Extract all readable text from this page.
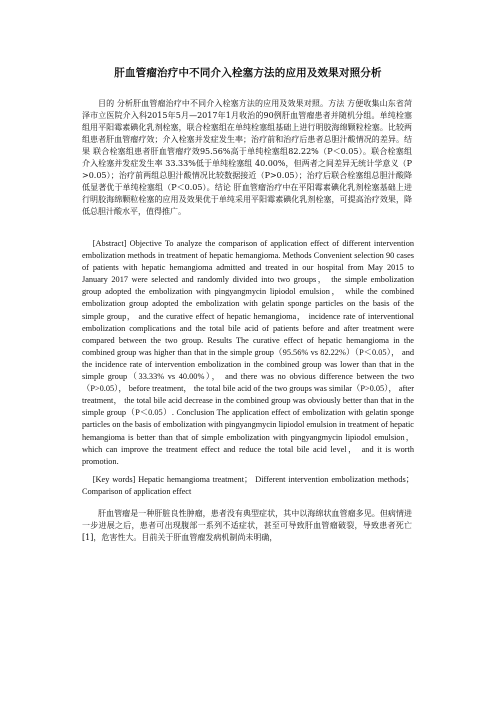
肝血管瘤治疗中不同介入栓塞方法的应用及效果对照分析
目的 分析肝血管瘤治疗中不同介入栓塞方法的应用及效果对照。方法 方便收集山东省菏泽市立医院介入科2015年5月—2017年1月收治的90例肝血管瘤患者并随机分组。单纯栓塞组用平阳霉素碘化乳剂栓塞，联合栓塞组在单纯栓塞组基础上进行明胶海绵颗粒栓塞。比较两组患者肝血管瘤疗效；介入栓塞并发症发生率；治疗前和治疗后患者总胆汁酸情况的差异。结果 联合栓塞组患者肝血管瘤疗效95.56%高于单纯栓塞组82.22%（P＜0.05）。联合栓塞组介入栓塞并发症发生率 33.33%低于单纯栓塞组 40.00%，但两者之间差异无统计学意义（P>0.05）；治疗前两组总胆汁酸情况比较数据接近（P>0.05）；治疗后联合栓塞组总胆汁酸降低显著优于单纯栓塞组（P＜0.05）。结论 肝血管瘤治疗中在平阳霉素碘化乳剂栓塞基础上进行明胶海绵颗粒栓塞的应用及效果优于单纯采用平阳霉素碘化乳剂栓塞，可提高治疗效果，降低总胆汁酸水平，值得推广。
[Abstract] Objective To analyze the comparison of application effect of different intervention embolization methods in treatment of hepatic hemangioma. Methods Convenient selection 90 cases of patients with hepatic hemangioma admitted and treated in our hospital from May 2015 to January 2017 were selected and randomly divided into two groups， the simple embolization group adopted the embolization with pingyangmycin lipiodol emulsion， while the combined embolization group adopted the embolization with gelatin sponge particles on the basis of the simple group， and the curative effect of hepatic hemangioma， incidence rate of interventional embolization complications and the total bile acid of patients before and after treatment were compared between the two group. Results The curative effect of hepatic hemangioma in the combined group was higher than that in the simple group（95.56% vs 82.22%）（P＜0.05）， and the incidence rate of intervention embolization in the combined group was lower than that in the simple group（33.33% vs 40.00%）， and there was no obvious difference between the two （P>0.05）， before treatment， the total bile acid of the two groups was similar（P>0.05）， after treatment， the total bile acid decrease in the combined group was obviously better than that in the simple group（P＜0.05）. Conclusion The application effect of embolization with gelatin sponge particles on the basis of embolization with pingyangmycin lipiodol emulsion in treatment of hepatic hemangioma is better than that of simple embolization with pingyangmycin lipiodol emulsion， which can improve the treatment effect and reduce the total bile acid level， and it is worth promotion.
[Key words] Hepatic hemangioma treatment； Different intervention embolization methods； Comparison of application effect
肝血管瘤是一种肝脏良性肿瘤，患者没有典型症状，其中以海绵状血管瘤多见。但病情进一步进展之后，患者可出现腹部一系列不适症状，甚至可导致肝血管瘤破裂，导致患者死亡[1]，危害性大。目前关于肝血管瘤发病机制尚未明确，
